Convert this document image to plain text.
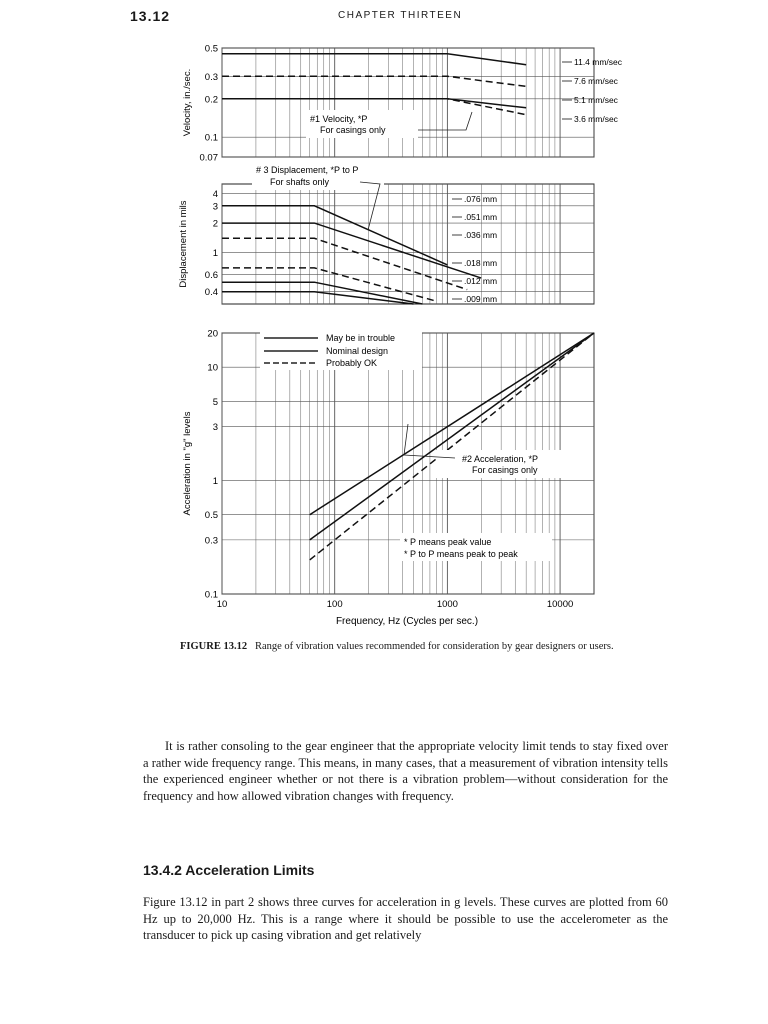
13.12	CHAPTER THIRTEEN
0.5
0.3
0.2
0.1
0.07
Velocity, in./sec.
11.4 mm/sec
7.6 mm/sec
5.1 mm/sec
3.6 mm/sec
4
3
2
1
0.6
0.4
Displacement in mils
.076 mm
.051 mm
.036 mm
.018 mm
.012 mm
.009 mm
20
10
5
3
1
0.5
0.3
0.1
Acceleration in "g" levels
10	100	1000	10000
#1 Velocity, *P
For casings only
# 3 Displacement, *P to P
For shafts only
#2 Acceleration, *P
For casings only
May be in trouble
Nominal design
Probably OK
* P means peak value
* P to P means peak to peak
Frequency, Hz (Cycles per sec.)
FIGURE 13.12 Range of vibration values recommended for consideration by gear designers or users.

It is rather consoling to the gear engineer that the appropriate velocity limit tends to stay fixed over a rather wide frequency range. This means, in many cases, that a measurement of vibration intensity tells the experienced engineer whether or not there is a vibration problem—without consideration for the frequency and how allowed vibration changes with frequency.

13.4.2 Acceleration Limits

Figure 13.12 in part 2 shows three curves for acceleration in g levels. These curves are plotted from 60 Hz up to 20,000 Hz. This is a range where it should be possible to use the accelerometer as the transducer to pick up casing vibration and get relatively
